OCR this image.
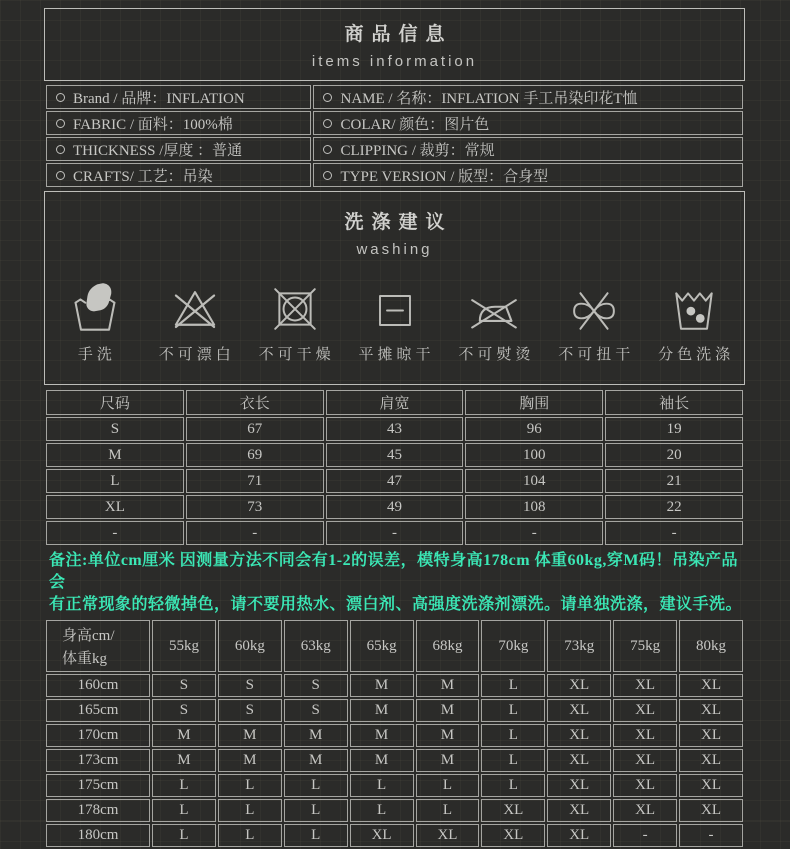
商品信息
items information
Brand / 品牌：INFLATION	NAME / 名称：INFLATION 手工吊染印花T恤
FABRIC / 面料：100%棉	COLAR/ 颜色：图片色
THICKNESS /厚度 ：普通	CLIPPING / 裁剪：常规
CRAFTS/ 工艺：吊染	TYPE VERSION / 版型：合身型
洗涤建议
washing
手洗	不可漂白 不可干燥 平摊晾干 不可熨烫 不可扭干 分色洗涤
尺码	衣长	肩宽	胸围	袖长
S	67	43	96	19
M	69	45	100	20
L	71	47	104	21
XL	73	49	108	22
-	-	-	-	-
备注:单位cm厘米 因测量方法不同会有1-2的误差，模特身高178cm 体重60kg,穿M码！吊染产品会
有正常现象的轻微掉色，请不要用热水、漂白剂、高强度洗涤剂漂洗。请单独洗涤，建议手洗。
身高cm/
体重kg	55kg	60kg	63kg	65kg	68kg	70kg	73kg	75kg	80kg
160cm	S	S	S	M	M	L	XL	XL	XL
165cm	S	S	S	M	M	L	XL	XL	XL
170cm	M	M	M	M	M	L	XL	XL	XL
173cm	M	M	M	M	M	L	XL	XL	XL
175cm	L	L	L	L	L	L	XL	XL	XL
178cm	L	L	L	L	L	XL	XL	XL	XL
180cm	L	L	L	XL	XL	XL	XL	-	-
